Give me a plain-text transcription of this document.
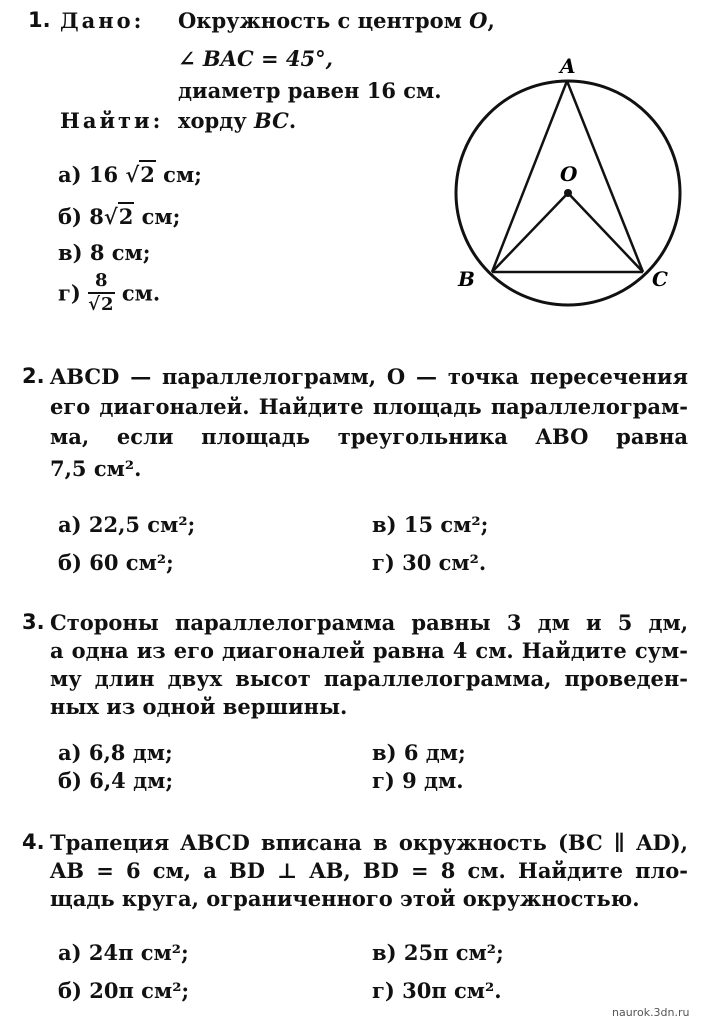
1. Дано: Окружность с центром O,
∠ BAC = 45°,
диаметр равен 16 см.
Найти: хорду BC.
а) 16 √2 см;
б) 8√2 см;
в) 8 см;
$г) \frac{8}{√2}$ см.
A
O
B	C
2. ABCD — параллелограмм, O — точка пересечения
его диагоналей. Найдите площадь параллелограм-
ма, если площадь треугольника ABO равна
7,5 см².
а) 22,5 см²;
б) 60 см²;
в) 15 см²;
г) 30 см².
3. Стороны параллелограмма равны 3 дм и 5 дм,
а одна из его диагоналей равна 4 см. Найдите сум-
му длин двух высот параллелограмма, проведен-
ных из одной вершины.
а) 6,8 дм;
б) 6,4 дм;
в) 6 дм;
г) 9 дм.
4. Трапеция ABCD вписана в окружность (BC ∥ AD),
AB = 6 см, а BD ⊥ AB, BD = 8 см. Найдите пло-
щадь круга, ограниченного этой окружностью.
а) 24π см²;
б) 20π см²;
в) 25π см²;
г) 30π см².
naurok.3dn.ru
